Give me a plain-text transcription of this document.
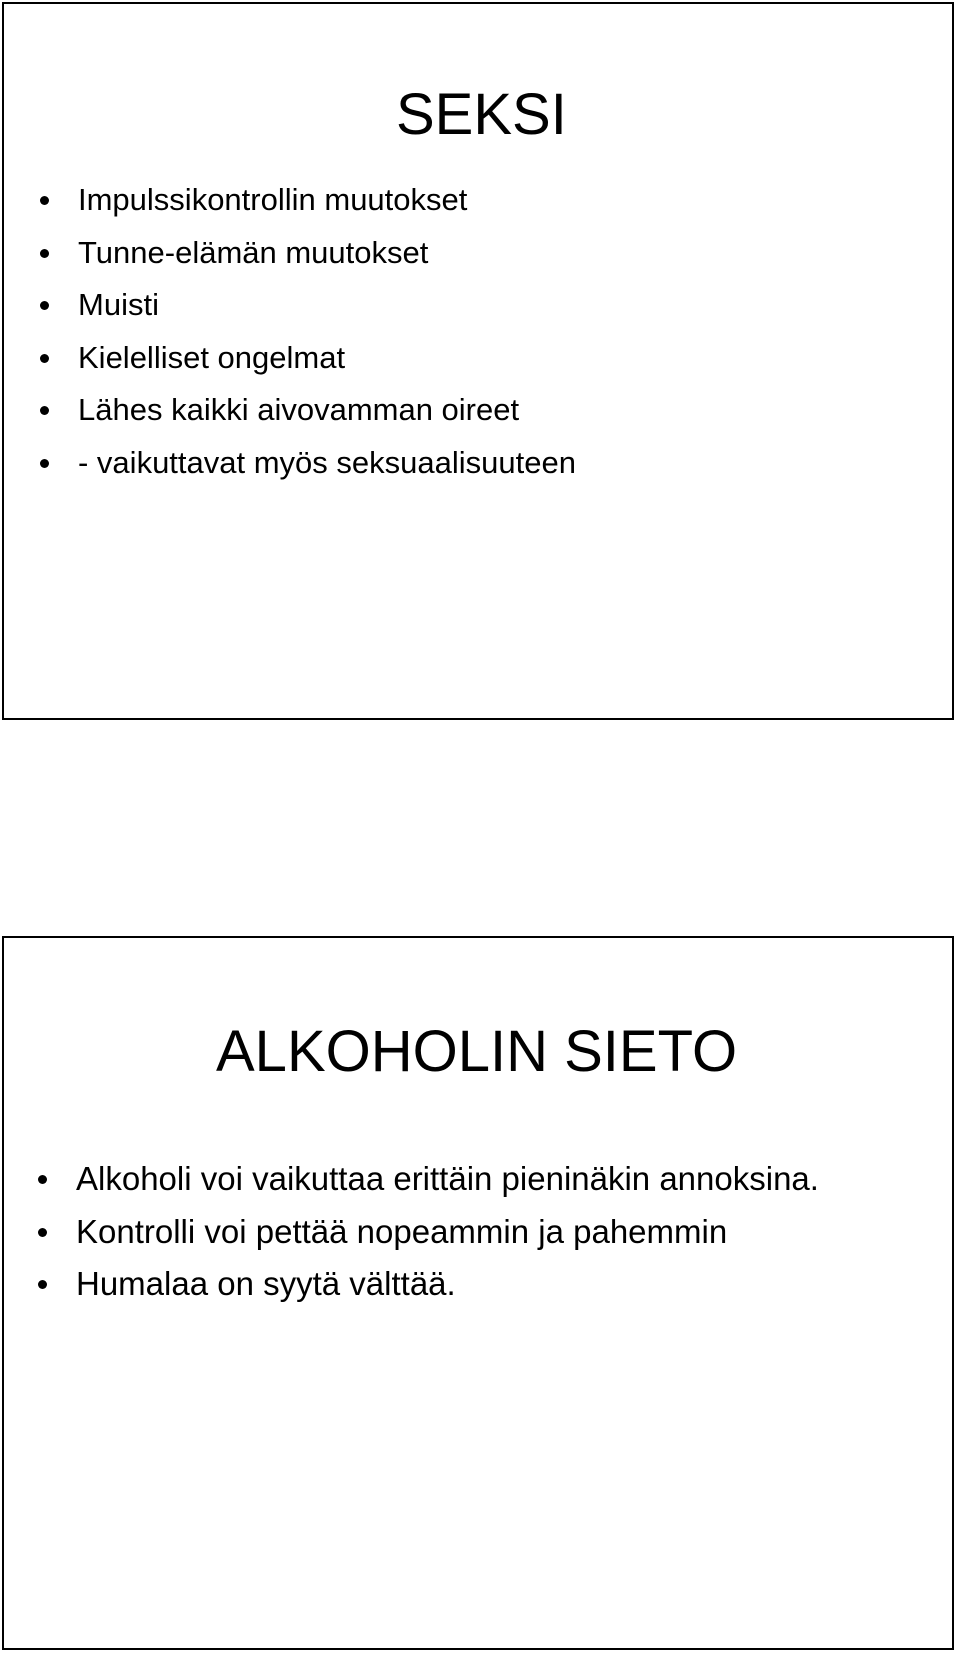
SEKSI
Impulssikontrollin muutokset
Tunne-elämän muutokset
Muisti
Kielelliset ongelmat
Lähes kaikki aivovamman oireet
- vaikuttavat myös seksuaalisuuteen
ALKOHOLIN SIETO
Alkoholi voi vaikuttaa erittäin pieninäkin annoksina.
Kontrolli voi pettää nopeammin ja pahemmin
Humalaa on syytä välttää.
